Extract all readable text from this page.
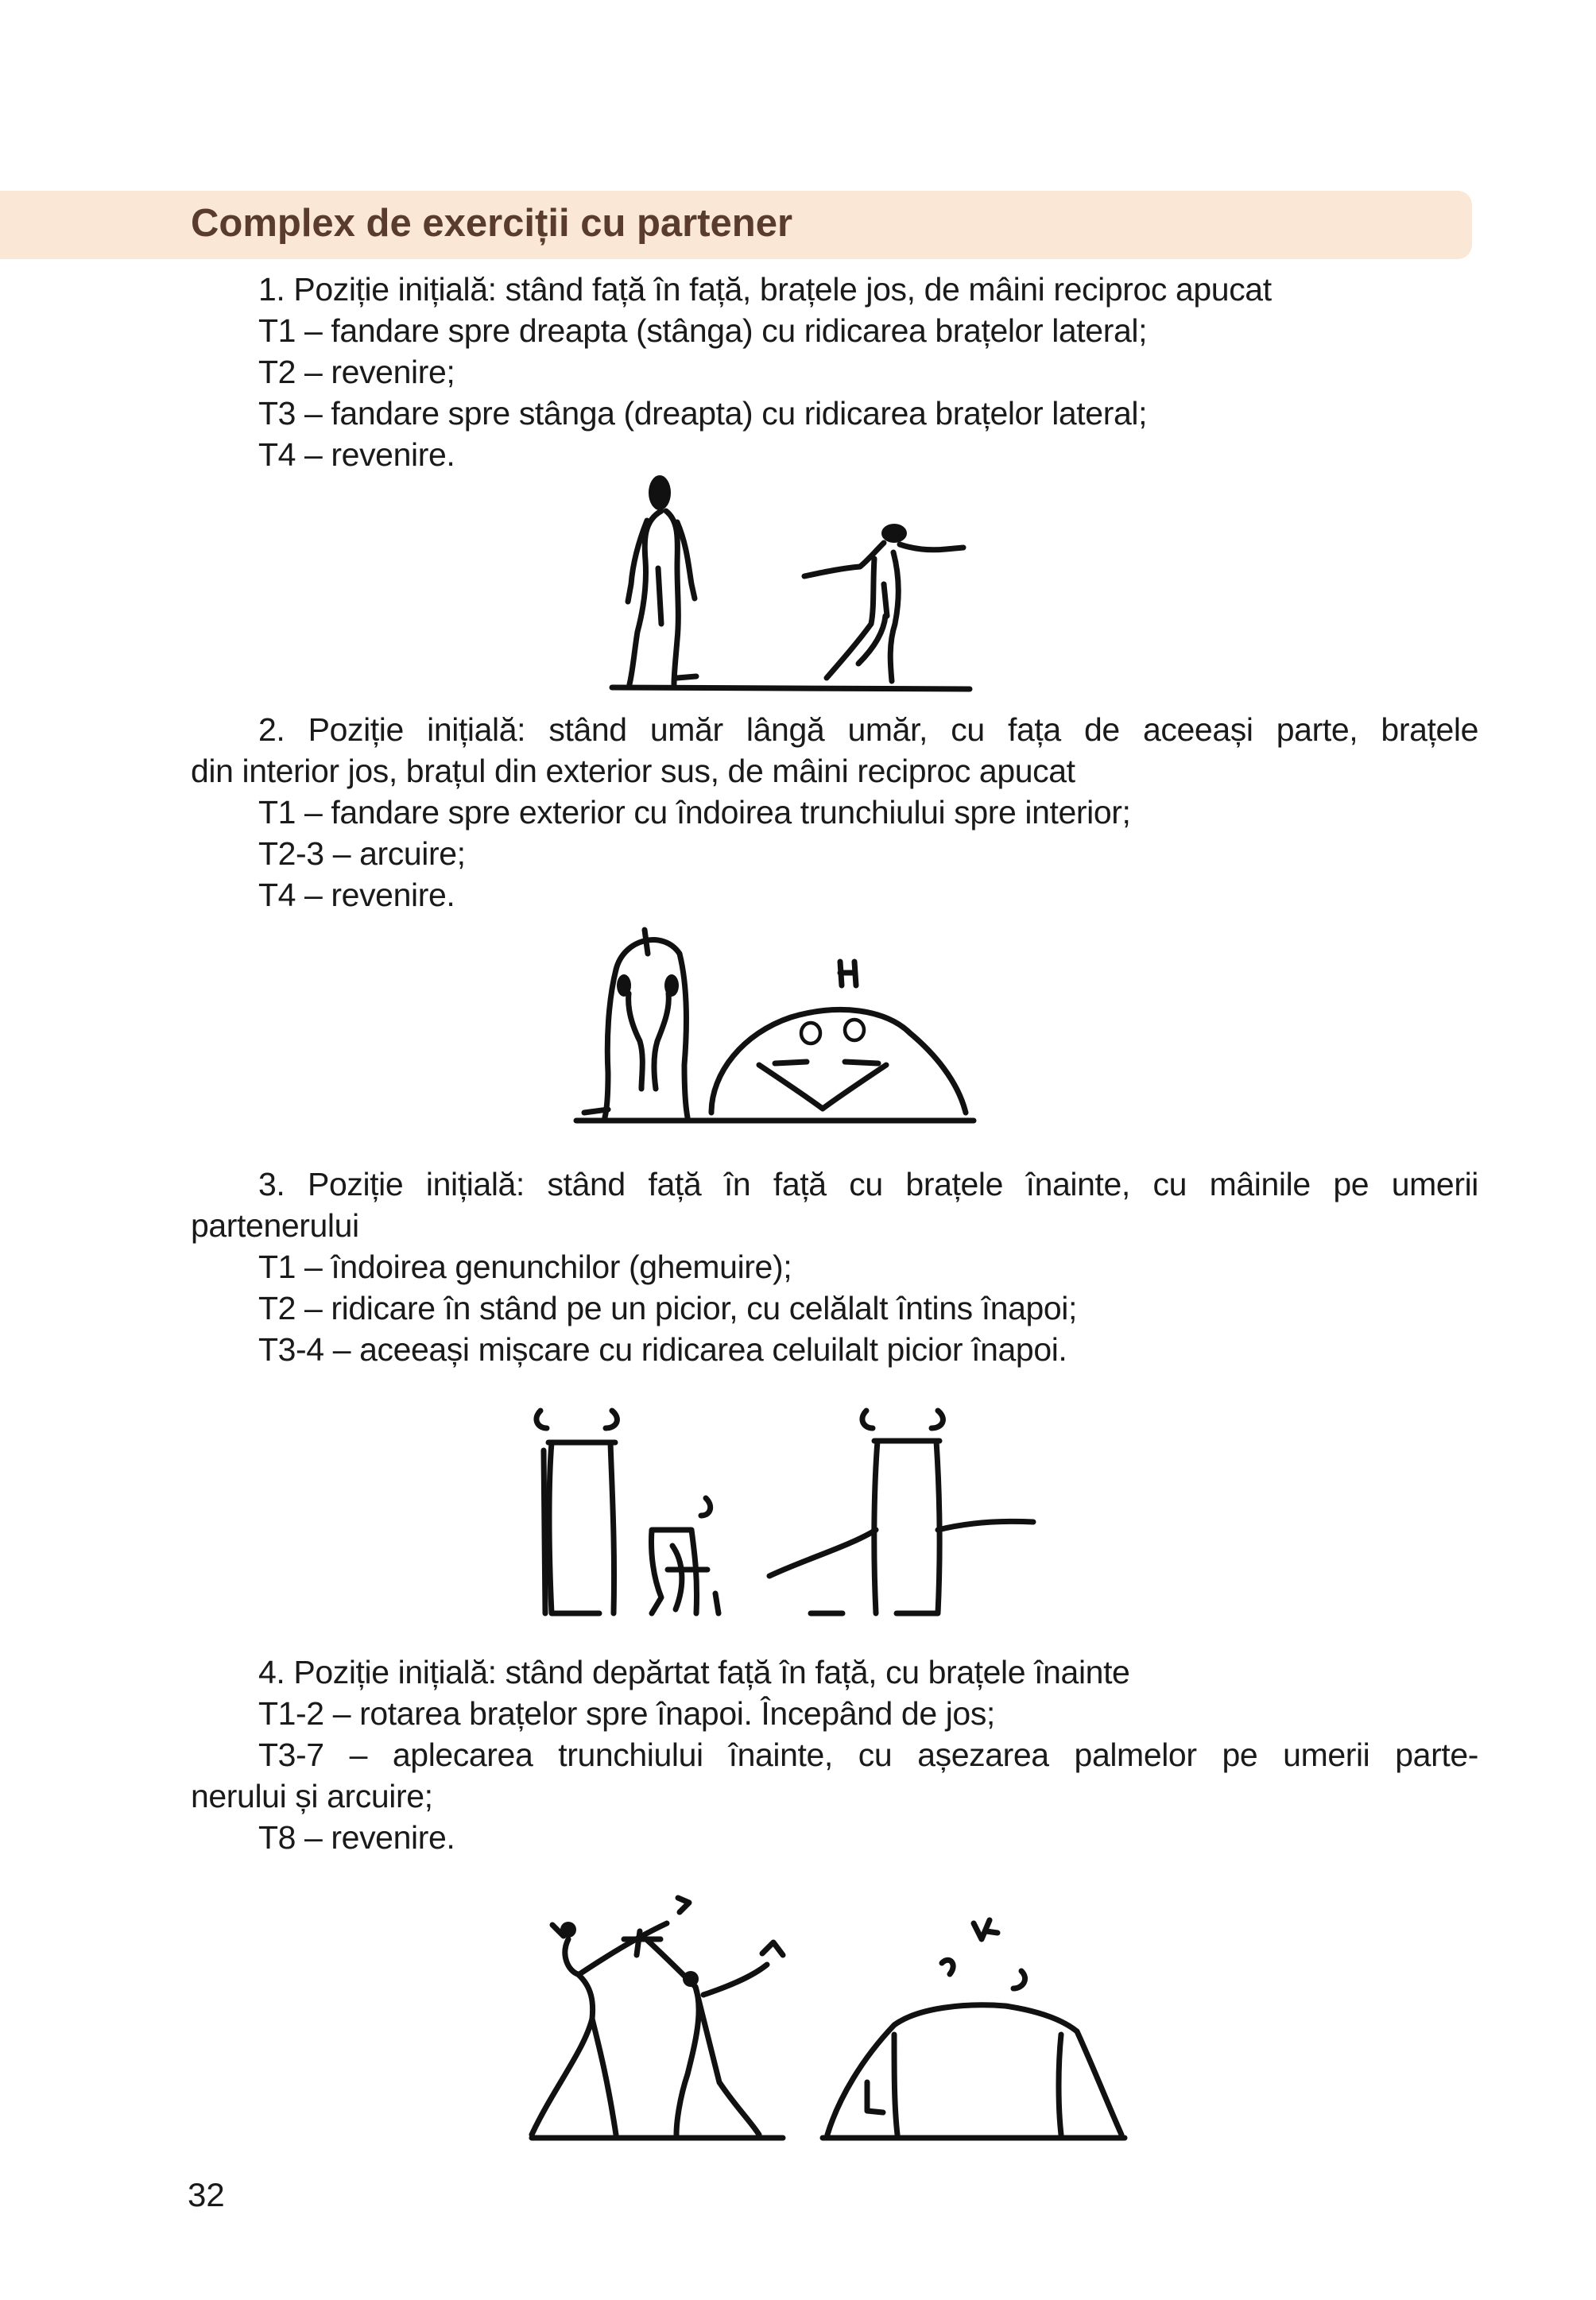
Complex de exerciții cu partener
1. Poziție inițială: stând față în față, brațele jos, de mâini reciproc apucat
T1 – fandare spre dreapta (stânga) cu ridicarea brațelor lateral;
T2 – revenire;
T3 – fandare spre stânga (dreapta) cu ridicarea brațelor lateral;
T4 – revenire.
2. Poziție inițială: stând umăr lângă umăr, cu fața de aceeași parte, brațele
din interior jos, brațul din exterior sus, de mâini reciproc apucat
T1 – fandare spre exterior cu îndoirea trunchiului spre interior;
T2-3 – arcuire;
T4 – revenire.
3. Poziție inițială: stând față în față cu brațele înainte, cu mâinile pe umerii
partenerului
T1 – îndoirea genunchilor (ghemuire);
T2 – ridicare în stând pe un picior, cu celălalt întins înapoi;
T3-4 – aceeași mișcare cu ridicarea celuilalt picior înapoi.
4. Poziție inițială: stând depărtat față în față, cu brațele înainte
T1-2 – rotarea brațelor spre înapoi. Începând de jos;
T3-7 – aplecarea trunchiului înainte, cu așezarea palmelor pe umerii parte-
nerului și arcuire;
T8 – revenire.
32
